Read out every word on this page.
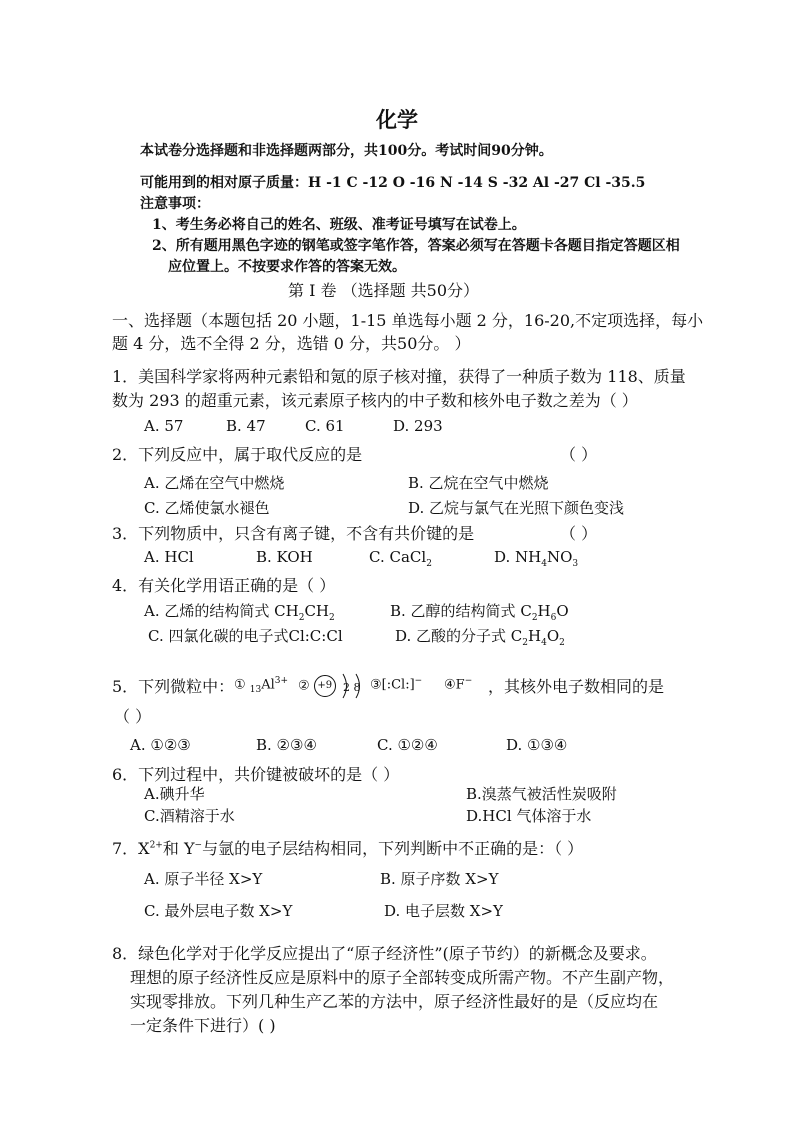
化学
本试卷分选择题和非选择题两部分，共100分。考试时间90分钟。
可能用到的相对原子质量：H -1 C -12 O -16 N -14 S -32 Al -27 Cl -35.5
注意事项：
1、考生务必将自己的姓名、班级、准考证号填写在试卷上。
2、所有题用黑色字迹的钢笔或签字笔作答，答案必须写在答题卡各题目指定答题区相
应位置上。不按要求作答的答案无效。
第 I 卷 （选择题 共50分）
一、选择题（本题包括 20 小题，1-15 单选每小题 2 分，16-20,不定项选择，每小
题 4 分，选不全得 2 分，选错 0 分，共50分。 ）
1．美国科学家将两种元素铅和氪的原子核对撞，获得了一种质子数为 118、质量
数为 293 的超重元素，该元素原子核内的中子数和核外电子数之差为（ ）
A. 57	B. 47	C. 61	D. 293
2．下列反应中，属于取代反应的是	（ ）
A. 乙烯在空气中燃烧	B. 乙烷在空气中燃烧
C. 乙烯使氯水褪色	D. 乙烷与氯气在光照下颜色变浅
3．下列物质中，只含有离子键，不含有共价键的是	（ ）
A. HCl	B. KOH	C. CaCl$_2$	D. $NH_4NO_3$
4．有关化学用语正确的是（ ）
A. 乙烯的结构简式 $CH_2CH_2$	B. 乙醇的结构简式 $C_2H_6O$
C. 四氯化碳的电子式Cl:C:Cl	D. 乙酸的分子式 $C_2H_4O_2$
5．下列微粒中： ① $_{13}Al^{3+}$ ② +9 2 8 ③[:Cl:]− ④F− ，其核外电子数相同的是
（ ）
A. ①②③	B. ②③④	C. ①②④	D. ①③④
6．下列过程中，共价键被破坏的是（ ）
A.碘升华	B.溴蒸气被活性炭吸附
C.酒精溶于水	D.HCl 气体溶于水
7．$X^{2+}$和 Y−与氩的电子层结构相同，下列判断中不正确的是：（ ）
A. 原子半径 X>Y	B. 原子序数 X>Y
C. 最外层电子数 X>Y	D. 电子层数 X>Y
8．绿色化学对于化学反应提出了“原子经济性”(原子节约）的新概念及要求。
理想的原子经济性反应是原料中的原子全部转变成所需产物。不产生副产物，
实现零排放。下列几种生产乙苯的方法中，原子经济性最好的是（反应均在
一定条件下进行）( )
